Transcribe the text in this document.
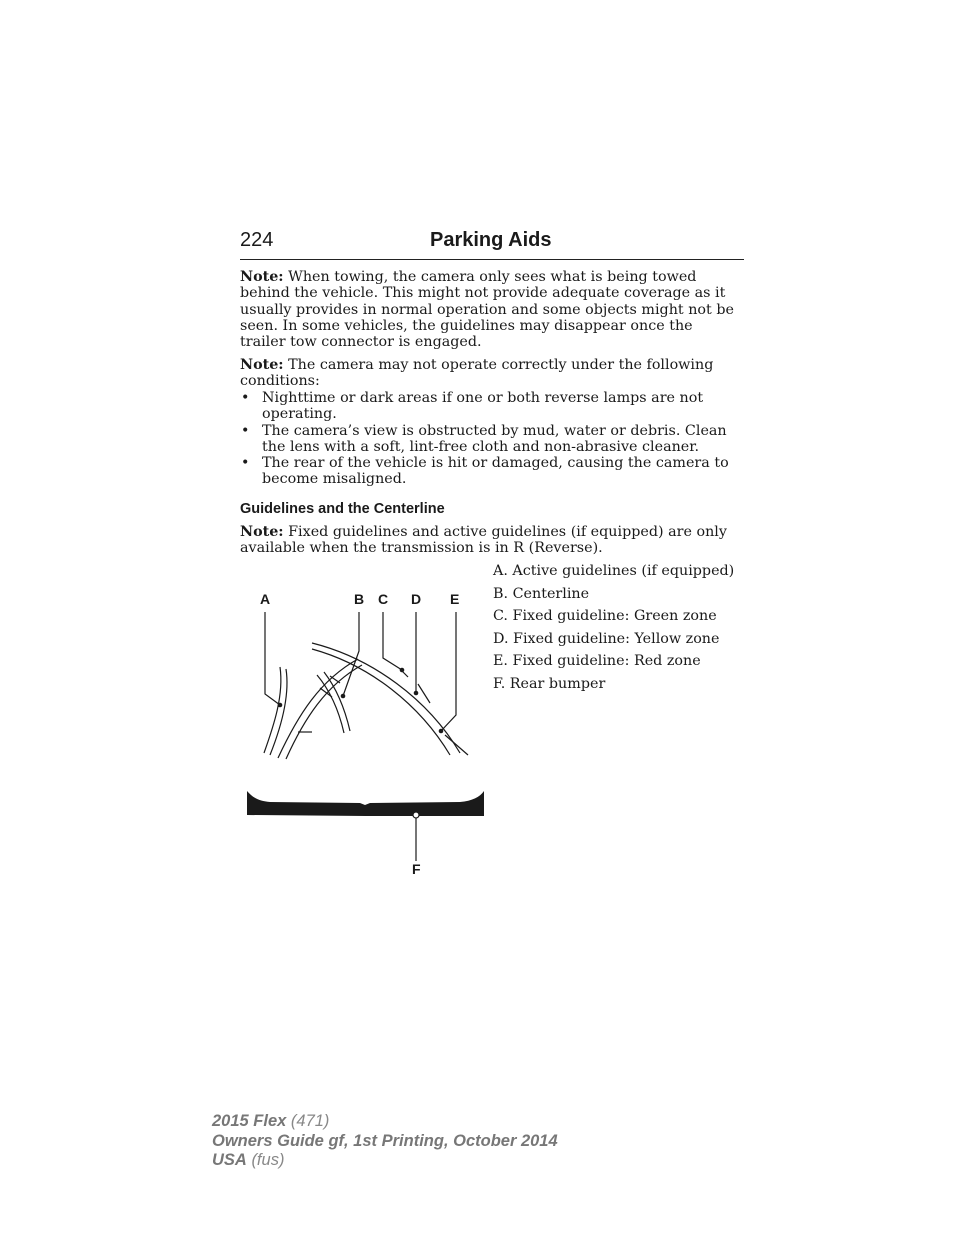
224	Parking Aids
Note: When towing, the camera only sees what is being towed behind the vehicle. This might not provide adequate coverage as it usually provides in normal operation and some objects might not be seen. In some vehicles, the guidelines may disappear once the trailer tow connector is engaged.
Note: The camera may not operate correctly under the following conditions:
• Nighttime or dark areas if one or both reverse lamps are not operating.
• The camera’s view is obstructed by mud, water or debris. Clean the lens with a soft, lint-free cloth and non-abrasive cleaner.
• The rear of the vehicle is hit or damaged, causing the camera to become misaligned.
Guidelines and the Centerline
Note: Fixed guidelines and active guidelines (if equipped) are only available when the transmission is in R (Reverse).
A	B C D E
F
A. Active guidelines (if equipped)
B. Centerline
C. Fixed guideline: Green zone
D. Fixed guideline: Yellow zone
E. Fixed guideline: Red zone
F. Rear bumper
2015 Flex (471)
Owners Guide gf, 1st Printing, October 2014
USA (fus)
